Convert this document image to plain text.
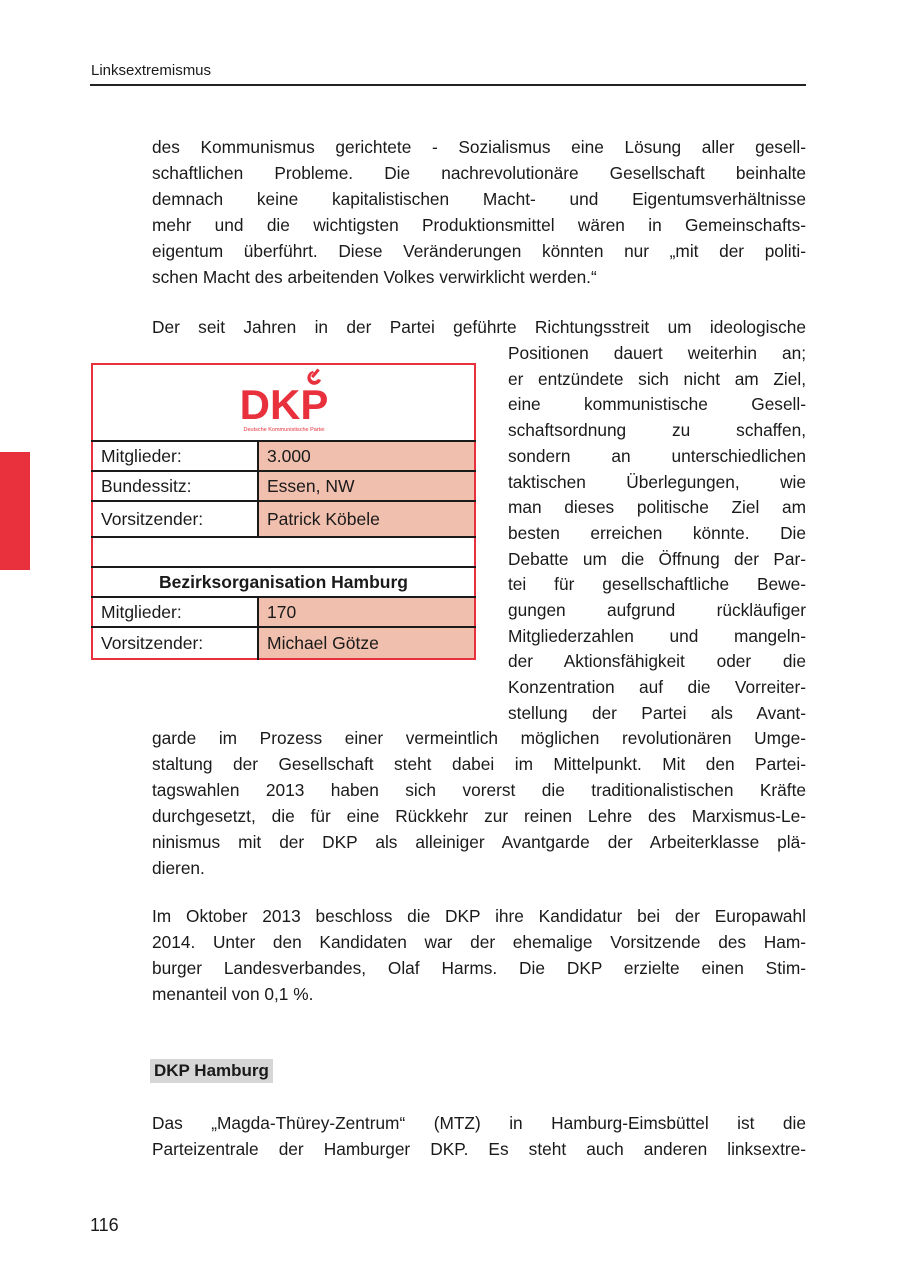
Linksextremismus
des Kommunismus gerichtete - Sozialismus eine Lösung aller gesell-
schaftlichen Probleme. Die nachrevolutionäre Gesellschaft beinhalte
demnach keine kapitalistischen Macht- und Eigentumsverhältnisse
mehr und die wichtigsten Produktionsmittel wären in Gemeinschafts-
eigentum überführt. Diese Veränderungen könnten nur „mit der politi-
schen Macht des arbeitenden Volkes verwirklicht werden.“
Der seit Jahren in der Partei geführte Richtungsstreit um ideologische
Positionen dauert weiterhin an;
er entzündete sich nicht am Ziel,
eine kommunistische Gesell-
schaftsordnung zu schaffen,
sondern an unterschiedlichen
taktischen Überlegungen, wie
man dieses politische Ziel am
besten erreichen könnte. Die
Debatte um die Öffnung der Par-
tei für gesellschaftliche Bewe-
gungen aufgrund rückläufiger
Mitgliederzahlen und mangeln-
der Aktionsfähigkeit oder die
Konzentration auf die Vorreiter-
stellung der Partei als Avant-
garde im Prozess einer vermeintlich möglichen revolutionären Umge-
staltung der Gesellschaft steht dabei im Mittelpunkt. Mit den Partei-
tagswahlen 2013 haben sich vorerst die traditionalistischen Kräfte
durchgesetzt, die für eine Rückkehr zur reinen Lehre des Marxismus-Le-
ninismus mit der DKP als alleiniger Avantgarde der Arbeiterklasse plä-
dieren.
Im Oktober 2013 beschloss die DKP ihre Kandidatur bei der Europawahl
2014. Unter den Kandidaten war der ehemalige Vorsitzende des Ham-
burger Landesverbandes, Olaf Harms. Die DKP erzielte einen Stim-
menanteil von 0,1 %.
Das „Magda-Thürey-Zentrum“ (MTZ) in Hamburg-Eimsbüttel ist die
Parteizentrale der Hamburger DKP. Es steht auch anderen linksextre-
DKP
Deutsche Kommunistische Partei	

Mitglieder:	3.000
Bundessitz:	Essen, NW
Vorsitzender:	Patrick Köbele

Bezirksorganisation Hamburg	
Mitglieder:	170
Vorsitzender:	Michael Götze
DKP Hamburg
116
